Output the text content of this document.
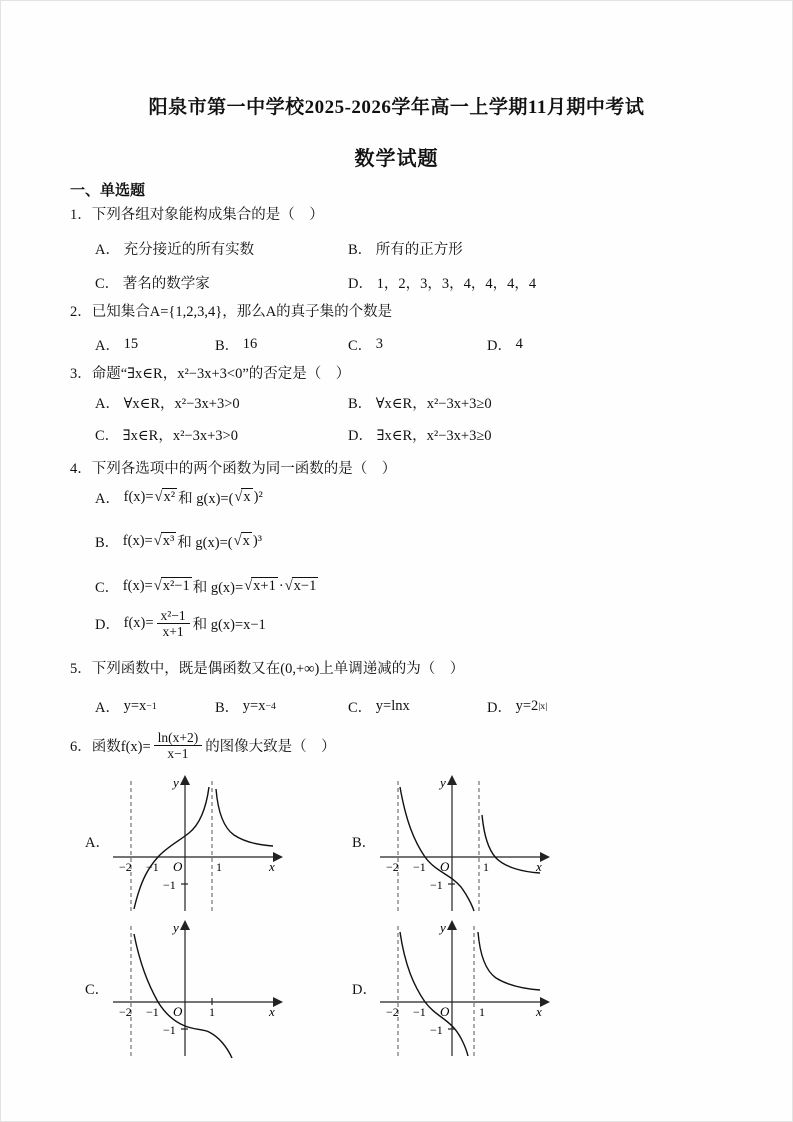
阳泉市第一中学校2025-2026学年高一上学期11月期中考试
数学试题
一、单选题
1．下列各组对象能构成集合的是（　）
A．
充分接近的所有实数	B．
所有的正方形
C．
著名的数学家	D．
1，2，3，3，4，4，4，4
2．已知集合A={1,2,3,4}，那么A的真子集的个数是
A．
15	B．
16	C．
3	D．
4
3．命题“∃x∈R，x²−3x+3<0”的否定是（　）
A．
∀x∈R，x²−3x+3>0	B．
∀x∈R，x²−3x+3≥0
C．
∃x∈R，x²−3x+3>0	D．
∃x∈R，x²−3x+3≥0
4．下列各选项中的两个函数为同一函数的是（　）
A．
f(x)= √x² 和 g(x)=( √x )²
B．
f(x)= √x³ 和 g(x)=( √x )³
C．
f(x)= √x²−1 和 g(x)= √x+1 · √x−1
D．
$f(x)= \frac{\text{x²−1}}{x+1}$ 和 g(x)=x−1
5．下列函数中，既是偶函数又在(0,+∞)上单调递减的为（　）
A．
y=x −1	B．
y=x −4	C．
y=lnx	D．
y=2 |x|
6．函数$f(x)= \frac{\ln(x+2)}{x-1}$ 的图像大致是（　）
A．
y
x
O
−2 −1	1
−1
B．
y
x
O
−2 −1	1
−1
C．
y
x
O
−2 −1	1
−1
D．
y
x
O
−2 −1	1
−1
